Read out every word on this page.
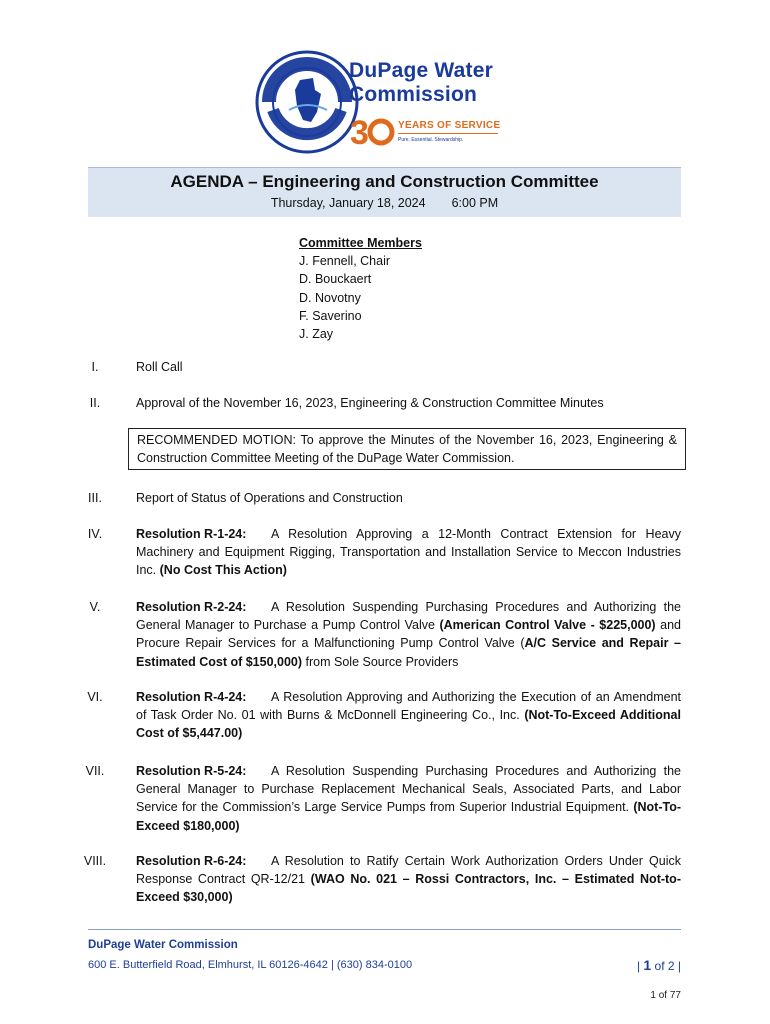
DuPage Water
Commission
3	YEARS OF SERVICE
Pure. Essential. Stewardship.
AGENDA – Engineering and Construction Committee
Thursday, January 18, 2024 6:00 PM
Committee Members
J. Fennell, Chair
D. Bouckaert
D. Novotny
F. Saverino
J. Zay
I.	Roll Call
II.	Approval of the November 16, 2023, Engineering & Construction Committee Minutes
RECOMMENDED MOTION: To approve the Minutes of the November 16, 2023, Engineering & Construction Committee Meeting of the DuPage Water Commission.
III.	Report of Status of Operations and Construction
IV.	Resolution R-1-24: A Resolution Approving a 12-Month Contract Extension for Heavy Machinery and Equipment Rigging, Transportation and Installation Service to Meccon Industries Inc. (No Cost This Action)
V.	Resolution R-2-24: A Resolution Suspending Purchasing Procedures and Authorizing the General Manager to Purchase a Pump Control Valve (American Control Valve - $225,000) and Procure Repair Services for a Malfunctioning Pump Control Valve (A/C Service and Repair – Estimated Cost of $150,000) from Sole Source Providers
VI.	Resolution R-4-24: A Resolution Approving and Authorizing the Execution of an Amendment of Task Order No. 01 with Burns & McDonnell Engineering Co., Inc. (Not-To-Exceed Additional Cost of $5,447.00)
VII.	Resolution R-5-24: A Resolution Suspending Purchasing Procedures and Authorizing the General Manager to Purchase Replacement Mechanical Seals, Associated Parts, and Labor Service for the Commission’s Large Service Pumps from Superior Industrial Equipment. (Not-To-Exceed $180,000)
VIII.	Resolution R-6-24: A Resolution to Ratify Certain Work Authorization Orders Under Quick Response Contract QR-12/21 (WAO No. 021 – Rossi Contractors, Inc. – Estimated Not-to-Exceed $30,000)
DuPage Water Commission
600 E. Butterfield Road, Elmhurst, IL 60126-4642 | (630) 834-0100	| 1 of 2 |
1 of 77
